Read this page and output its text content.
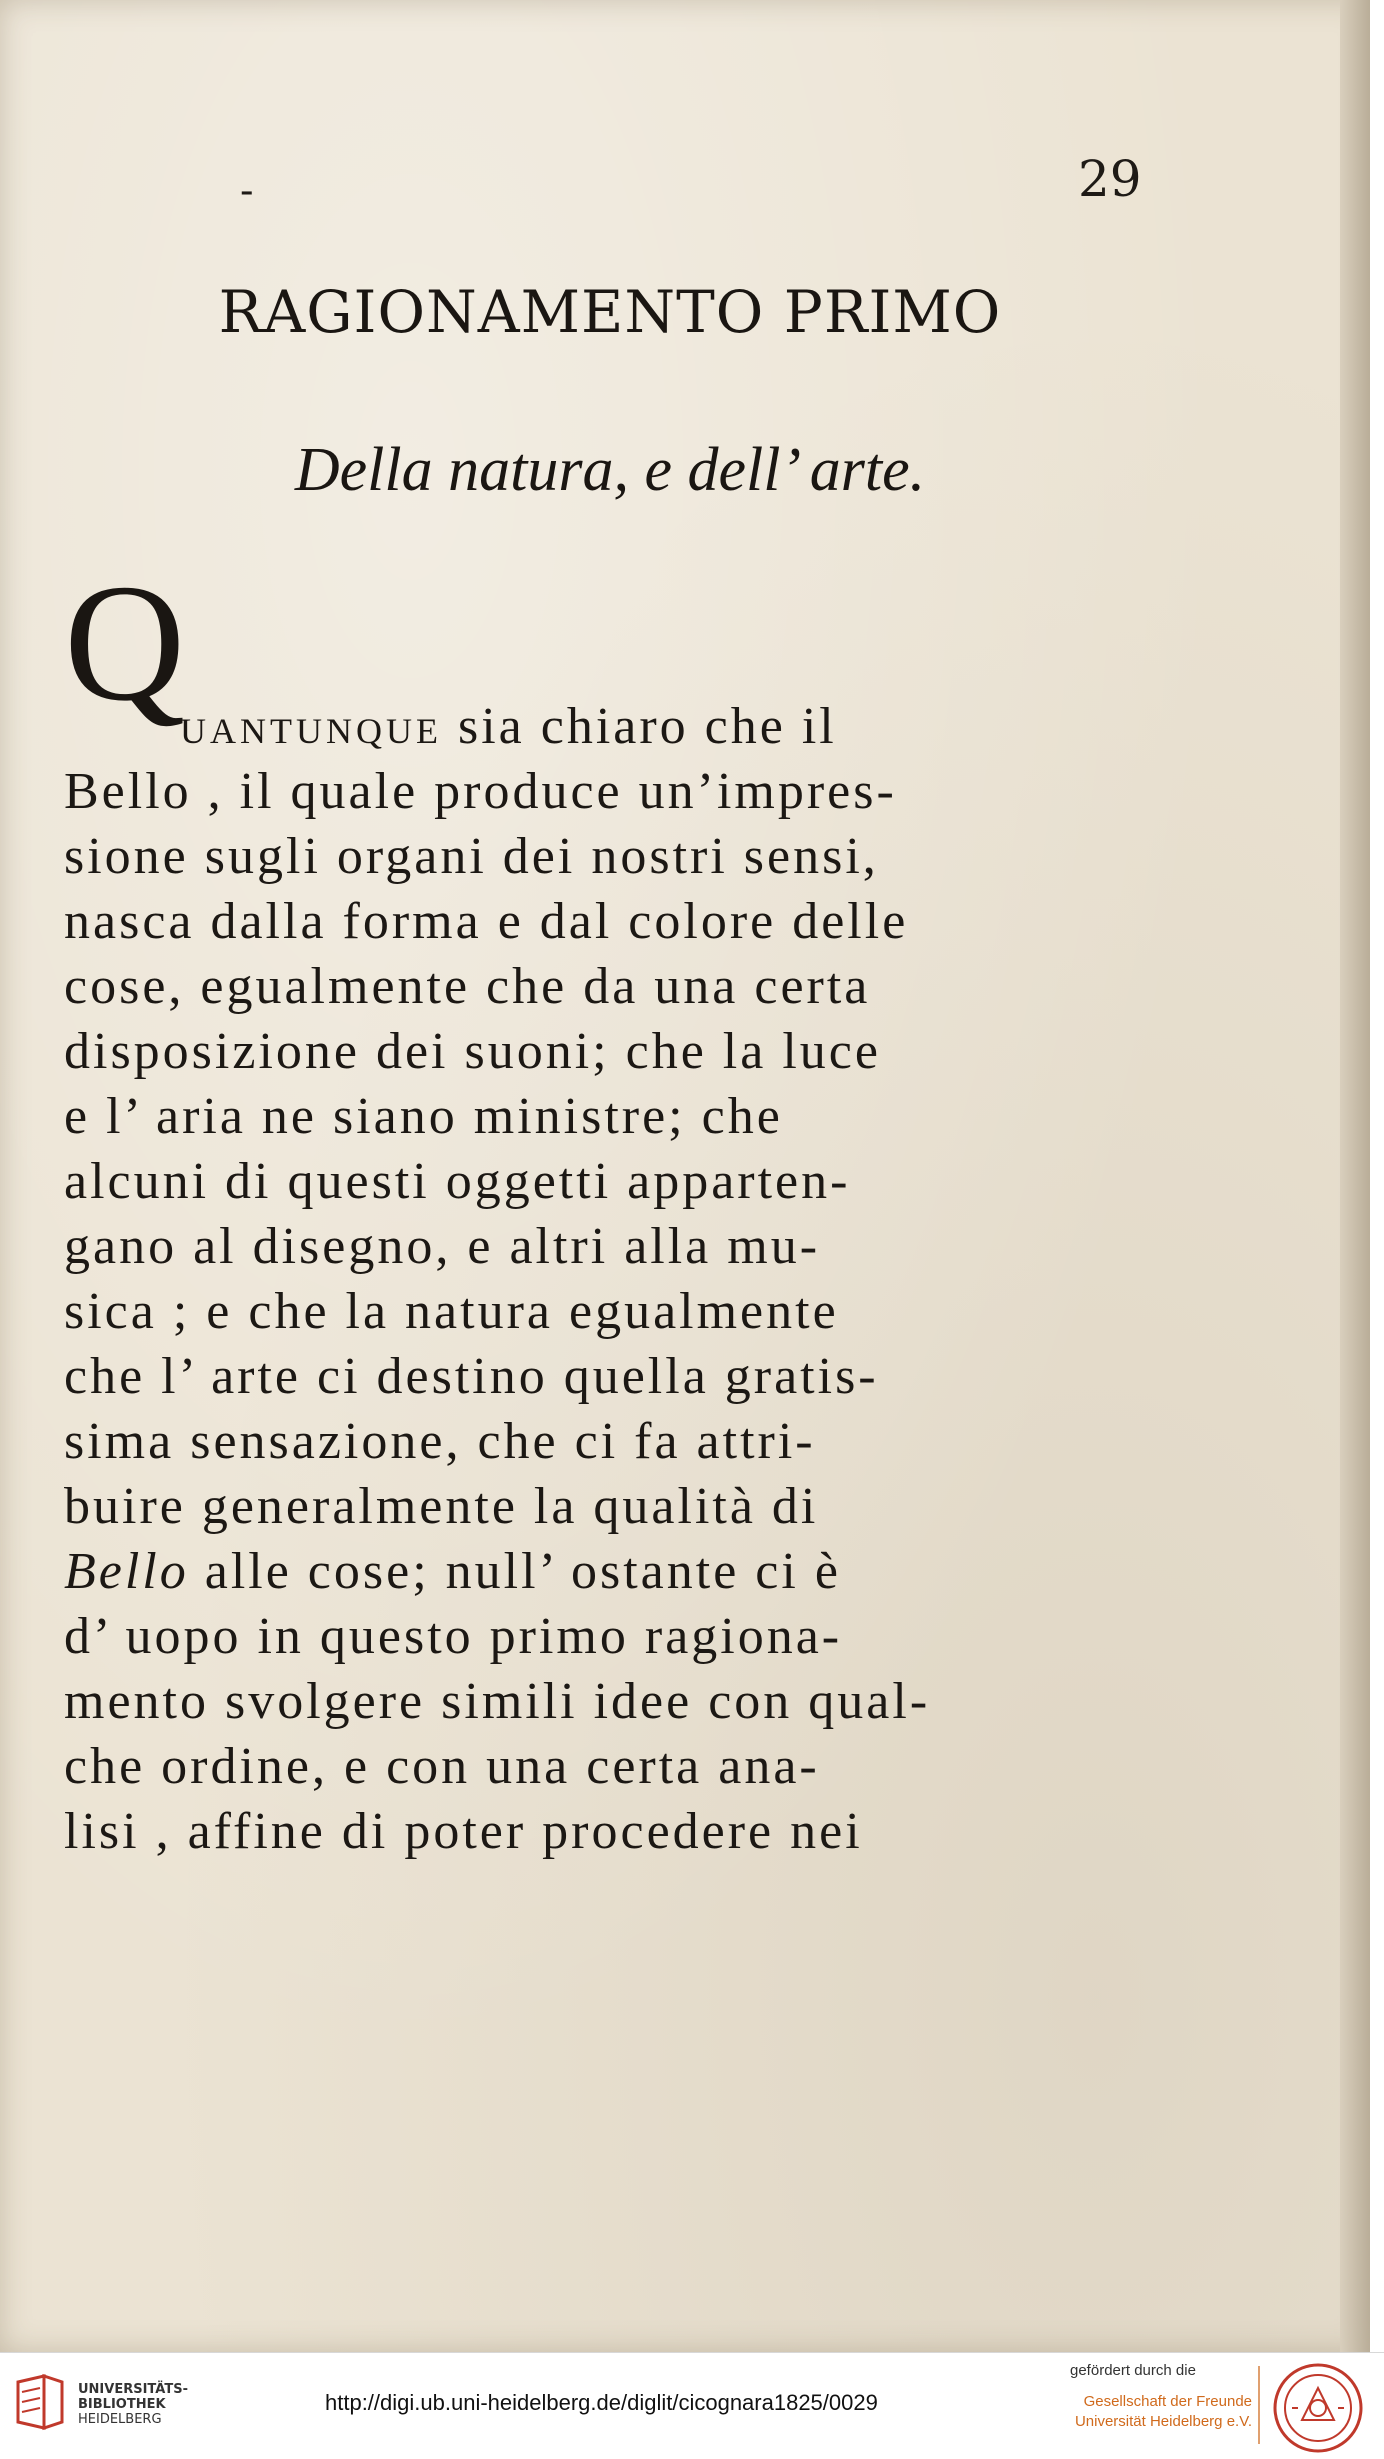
-	29
RAGIONAMENTO PRIMO
Della natura, e dell’ arte.
Q
UANTUNQUE sia chiaro che il
Bello , il quale produce un’impres-
sione sugli organi dei nostri sensi,
nasca dalla forma e dal colore delle
cose, egualmente che da una certa
disposizione dei suoni; che la luce
e l’ aria ne siano ministre; che
alcuni di questi oggetti apparten-
gano al disegno, e altri alla mu-
sica ; e che la natura egualmente
che l’ arte ci destino quella gratis-
sima sensazione, che ci fa attri-
buire generalmente la qualità di
Bello alle cose; null’ ostante ci è
d’ uopo in questo primo ragiona-
mento svolgere simili idee con qual-
che ordine, e con una certa ana-
lisi , affine di poter procedere nei
UNIVERSITÄTS-
BIBLIOTHEK
HEIDELBERG
http://digi.ub.uni-heidelberg.de/diglit/cicognara1825/0029
gefördert durch die
Gesellschaft der Freunde
Universität Heidelberg e.V.
